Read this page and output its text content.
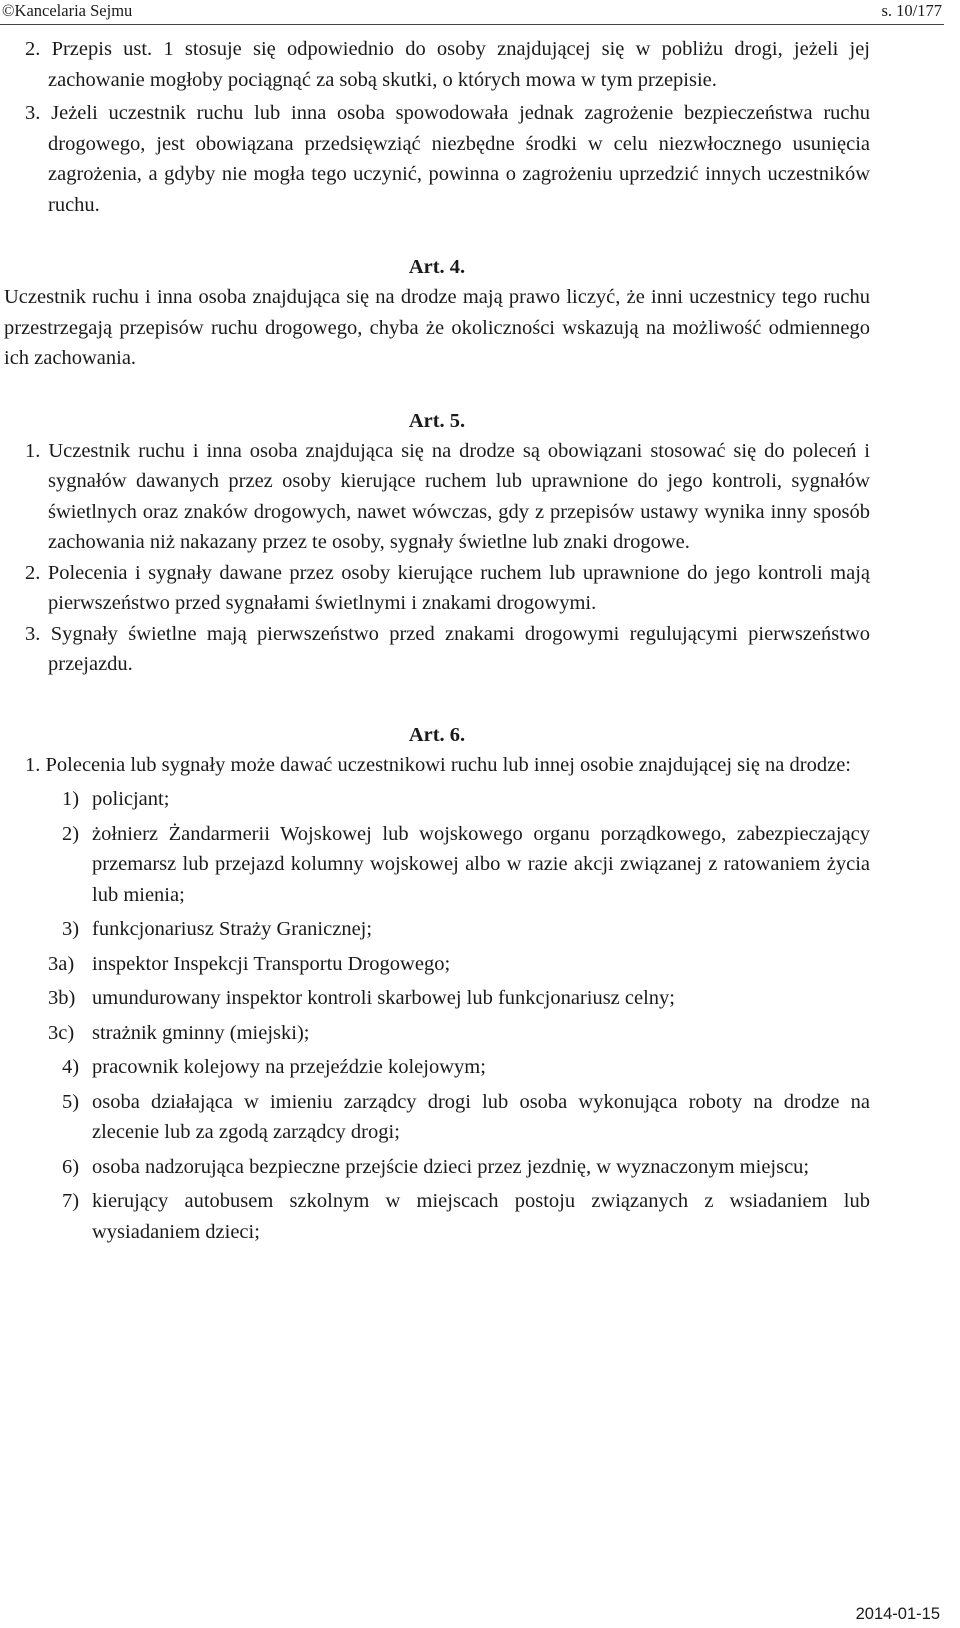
©Kancelaria Sejmu	s. 10/177

2. Przepis ust. 1 stosuje się odpowiednio do osoby znajdującej się w pobliżu drogi, jeżeli jej zachowanie mogłoby pociągnąć za sobą skutki, o których mowa w tym przepisie.

3. Jeżeli uczestnik ruchu lub inna osoba spowodowała jednak zagrożenie bezpieczeństwa ruchu drogowego, jest obowiązana przedsięwziąć niezbędne środki w celu niezwłocznego usunięcia zagrożenia, a gdyby nie mogła tego uczynić, powinna o zagrożeniu uprzedzić innych uczestników ruchu.

Art. 4.

Uczestnik ruchu i inna osoba znajdująca się na drodze mają prawo liczyć, że inni uczestnicy tego ruchu przestrzegają przepisów ruchu drogowego, chyba że okoliczności wskazują na możliwość odmiennego ich zachowania.

Art. 5.

1. Uczestnik ruchu i inna osoba znajdująca się na drodze są obowiązani stosować się do poleceń i sygnałów dawanych przez osoby kierujące ruchem lub uprawnione do jego kontroli, sygnałów świetlnych oraz znaków drogowych, nawet wówczas, gdy z przepisów ustawy wynika inny sposób zachowania niż nakazany przez te osoby, sygnały świetlne lub znaki drogowe.

2. Polecenia i sygnały dawane przez osoby kierujące ruchem lub uprawnione do jego kontroli mają pierwszeństwo przed sygnałami świetlnymi i znakami drogowymi.

3. Sygnały świetlne mają pierwszeństwo przed znakami drogowymi regulującymi pierwszeństwo przejazdu.

Art. 6.

1. Polecenia lub sygnały może dawać uczestnikowi ruchu lub innej osobie znajdującej się na drodze:

1) policjant;
2) żołnierz Żandarmerii Wojskowej lub wojskowego organu porządkowego, zabezpieczający przemarsz lub przejazd kolumny wojskowej albo w razie akcji związanej z ratowaniem życia lub mienia;
3) funkcjonariusz Straży Granicznej;
3a) inspektor Inspekcji Transportu Drogowego;
3b) umundurowany inspektor kontroli skarbowej lub funkcjonariusz celny;
3c) strażnik gminny (miejski);
4) pracownik kolejowy na przejeździe kolejowym;
5) osoba działająca w imieniu zarządcy drogi lub osoba wykonująca roboty na drodze na zlecenie lub za zgodą zarządcy drogi;
6) osoba nadzorująca bezpieczne przejście dzieci przez jezdnię, w wyznaczonym miejscu;
7) kierujący autobusem szkolnym w miejscach postoju związanych z wsiadaniem lub wysiadaniem dzieci;
2014-01-15
